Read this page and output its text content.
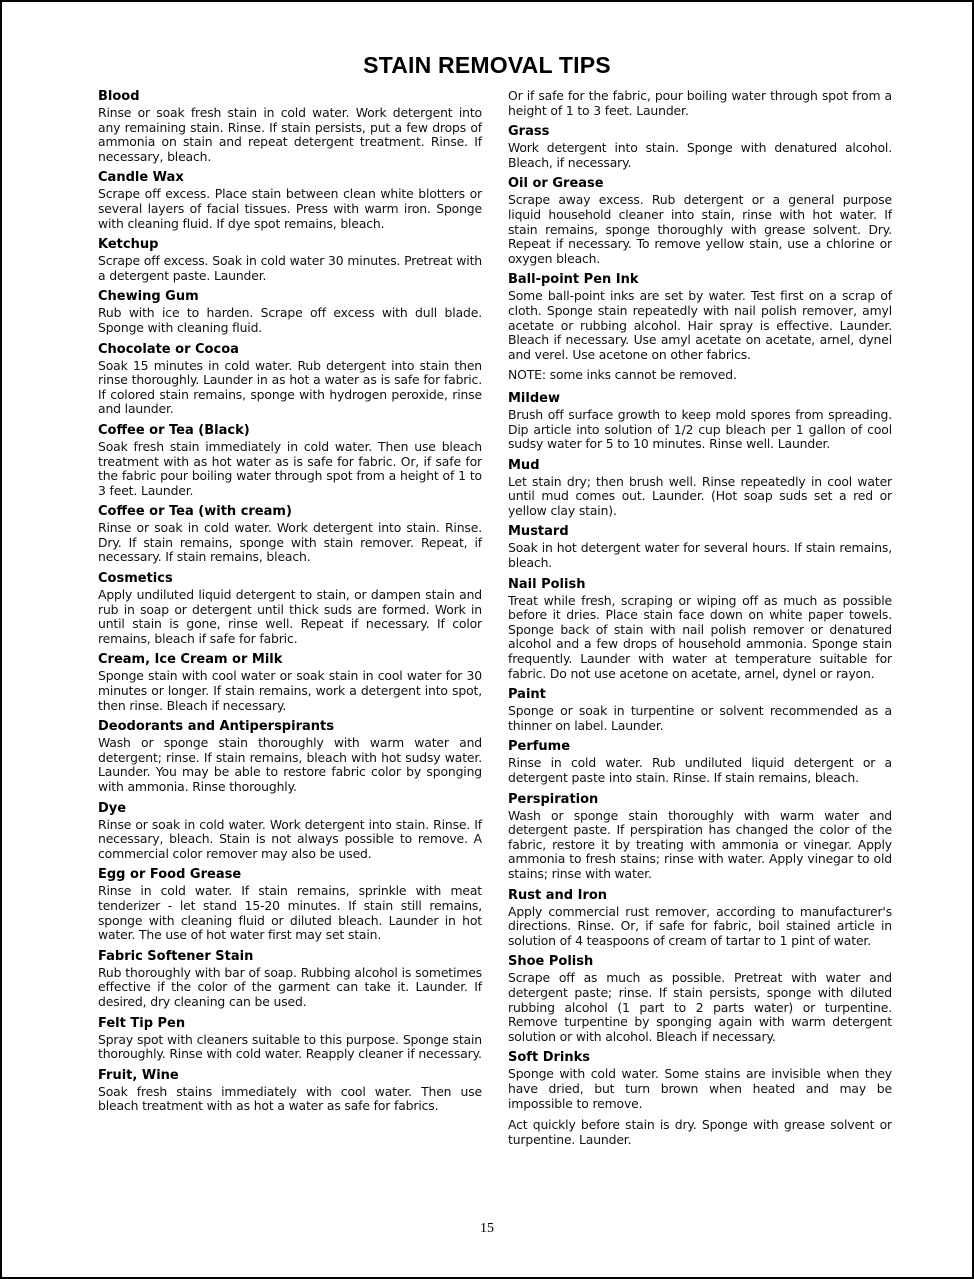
STAIN REMOVAL TIPS
Blood

Rinse or soak fresh stain in cold water. Work detergent into any remaining stain. Rinse. If stain persists, put a few drops of ammonia on stain and repeat detergent treatment. Rinse. If necessary, bleach.

Candle Wax

Scrape off excess. Place stain between clean white blotters or several layers of facial tissues. Press with warm iron. Sponge with cleaning fluid. If dye spot remains, bleach.

Ketchup

Scrape off excess. Soak in cold water 30 minutes. Pretreat with a detergent paste. Launder.

Chewing Gum

Rub with ice to harden. Scrape off excess with dull blade. Sponge with cleaning fluid.

Chocolate or Cocoa

Soak 15 minutes in cold water. Rub detergent into stain then rinse thoroughly. Launder in as hot a water as is safe for fabric. If colored stain remains, sponge with hydrogen peroxide, rinse and launder.

Coffee or Tea (Black)

Soak fresh stain immediately in cold water. Then use bleach treatment with as hot water as is safe for fabric. Or, if safe for the fabric pour boiling water through spot from a height of 1 to 3 feet. Launder.

Coffee or Tea (with cream)

Rinse or soak in cold water. Work detergent into stain. Rinse. Dry. If stain remains, sponge with stain remover. Repeat, if necessary. If stain remains, bleach.

Cosmetics

Apply undiluted liquid detergent to stain, or dampen stain and rub in soap or detergent until thick suds are formed. Work in until stain is gone, rinse well. Repeat if necessary. If color remains, bleach if safe for fabric.

Cream, Ice Cream or Milk

Sponge stain with cool water or soak stain in cool water for 30 minutes or longer. If stain remains, work a detergent into spot, then rinse. Bleach if necessary.

Deodorants and Antiperspirants

Wash or sponge stain thoroughly with warm water and detergent; rinse. If stain remains, bleach with hot sudsy water. Launder. You may be able to restore fabric color by sponging with ammonia. Rinse thoroughly.

Dye

Rinse or soak in cold water. Work detergent into stain. Rinse. If necessary, bleach. Stain is not always possible to remove. A commercial color remover may also be used.

Egg or Food Grease

Rinse in cold water. If stain remains, sprinkle with meat tenderizer - let stand 15-20 minutes. If stain still remains, sponge with cleaning fluid or diluted bleach. Launder in hot water. The use of hot water first may set stain.

Fabric Softener Stain

Rub thoroughly with bar of soap. Rubbing alcohol is sometimes effective if the color of the garment can take it. Launder. If desired, dry cleaning can be used.

Felt Tip Pen

Spray spot with cleaners suitable to this purpose. Sponge stain thoroughly. Rinse with cold water. Reapply cleaner if necessary.

Fruit, Wine

Soak fresh stains immediately with cool water. Then use bleach treatment with as hot a water as safe for fabrics.

Or if safe for the fabric, pour boiling water through spot from a height of 1 to 3 feet. Launder.

Grass

Work detergent into stain. Sponge with denatured alcohol. Bleach, if necessary.

Oil or Grease

Scrape away excess. Rub detergent or a general purpose liquid household cleaner into stain, rinse with hot water. If stain remains, sponge thoroughly with grease solvent. Dry. Repeat if necessary. To remove yellow stain, use a chlorine or oxygen bleach.

Ball-point Pen Ink

Some ball-point inks are set by water. Test first on a scrap of cloth. Sponge stain repeatedly with nail polish remover, amyl acetate or rubbing alcohol. Hair spray is effective. Launder. Bleach if necessary. Use amyl acetate on acetate, arnel, dynel and verel. Use acetone on other fabrics.

NOTE: some inks cannot be removed.

Mildew

Brush off surface growth to keep mold spores from spreading. Dip article into solution of 1/2 cup bleach per 1 gallon of cool sudsy water for 5 to 10 minutes. Rinse well. Launder.

Mud

Let stain dry; then brush well. Rinse repeatedly in cool water until mud comes out. Launder. (Hot soap suds set a red or yellow clay stain).

Mustard

Soak in hot detergent water for several hours. If stain remains, bleach.

Nail Polish

Treat while fresh, scraping or wiping off as much as possible before it dries. Place stain face down on white paper towels. Sponge back of stain with nail polish remover or denatured alcohol and a few drops of household ammonia. Sponge stain frequently. Launder with water at temperature suitable for fabric. Do not use acetone on acetate, arnel, dynel or rayon.

Paint

Sponge or soak in turpentine or solvent recommended as a thinner on label. Launder.

Perfume

Rinse in cold water. Rub undiluted liquid detergent or a detergent paste into stain. Rinse. If stain remains, bleach.

Perspiration

Wash or sponge stain thoroughly with warm water and detergent paste. If perspiration has changed the color of the fabric, restore it by treating with ammonia or vinegar. Apply ammonia to fresh stains; rinse with water. Apply vinegar to old stains; rinse with water.

Rust and Iron

Apply commercial rust remover, according to manufacturer's directions. Rinse. Or, if safe for fabric, boil stained article in solution of 4 teaspoons of cream of tartar to 1 pint of water.

Shoe Polish

Scrape off as much as possible. Pretreat with water and detergent paste; rinse. If stain persists, sponge with diluted rubbing alcohol (1 part to 2 parts water) or turpentine. Remove turpentine by sponging again with warm detergent solution or with alcohol. Bleach if necessary.

Soft Drinks

Sponge with cold water. Some stains are invisible when they have dried, but turn brown when heated and may be impossible to remove.

Act quickly before stain is dry. Sponge with grease solvent or turpentine. Launder.

15
